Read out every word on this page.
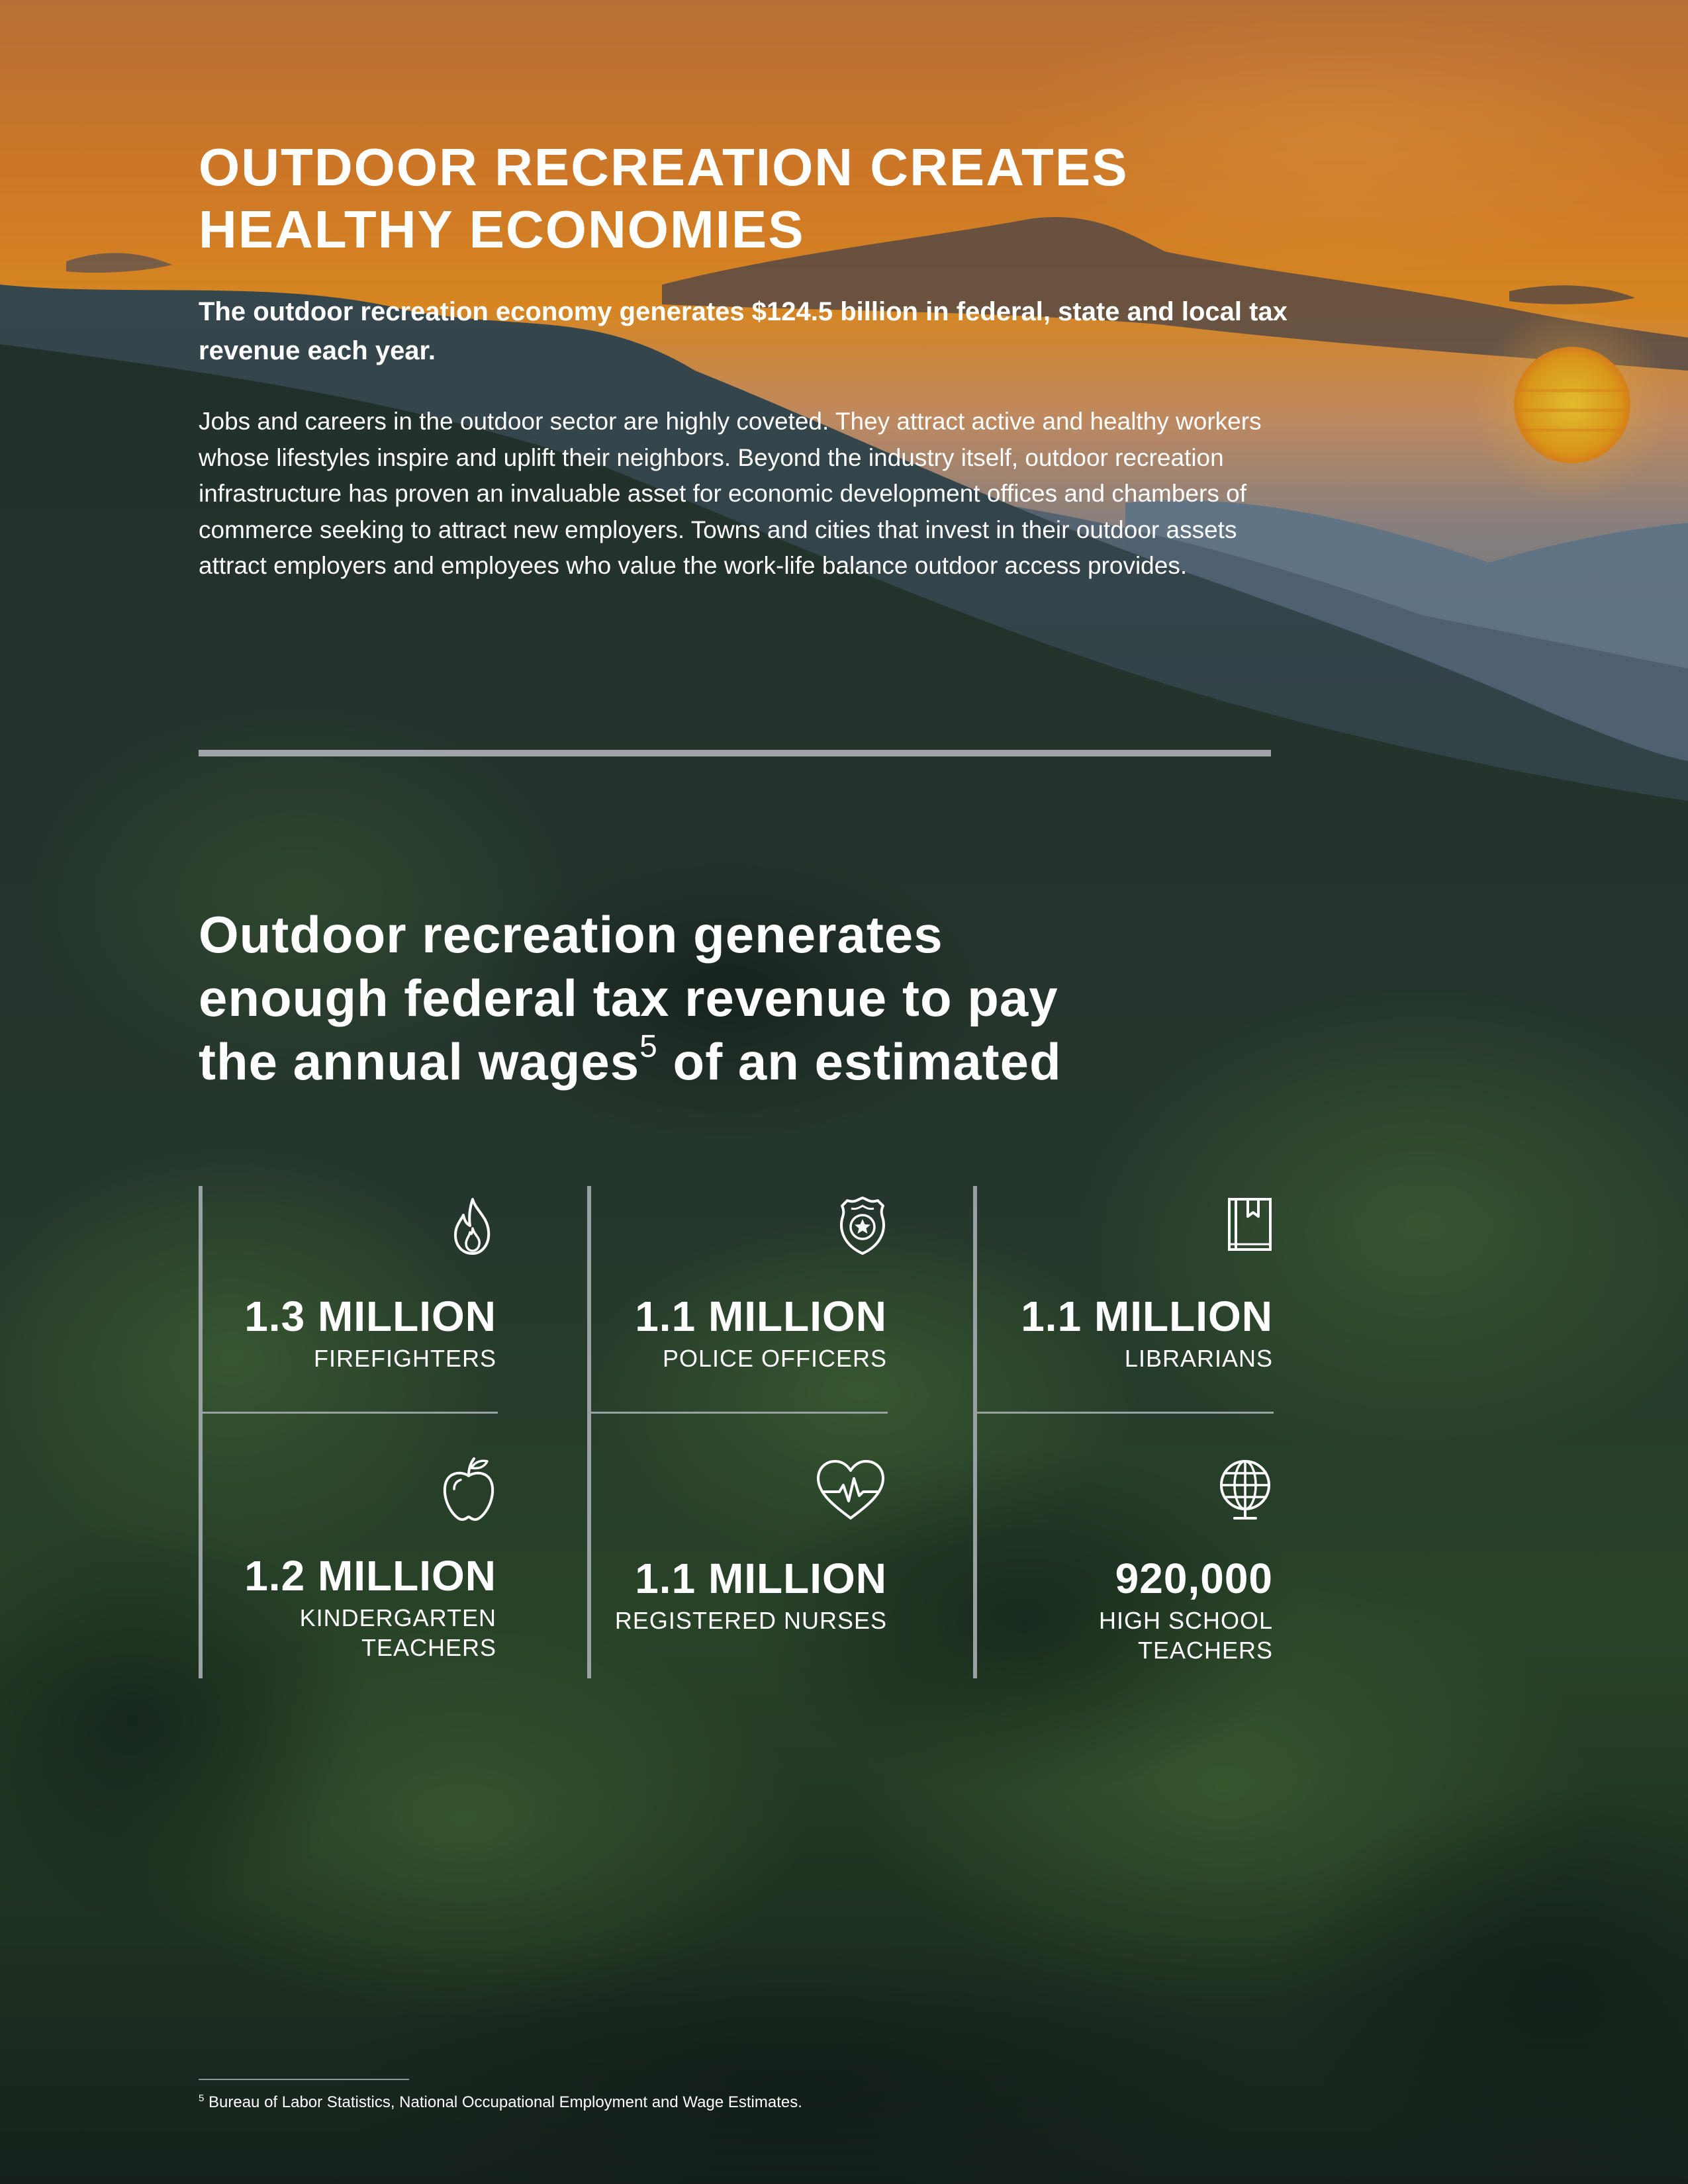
OUTDOOR RECREATION CREATES
HEALTHY ECONOMIES

The outdoor recreation economy generates $124.5 billion in federal, state and local tax revenue each year.

Jobs and careers in the outdoor sector are highly coveted. They attract active and healthy workers whose lifestyles inspire and uplift their neighbors. Beyond the industry itself, outdoor recreation infrastructure has proven an invaluable asset for economic development offices and chambers of commerce seeking to attract new employers. Towns and cities that invest in their outdoor assets attract employers and employees who value the work-life balance outdoor access provides.

Outdoor recreation generates
enough federal tax revenue to pay
the annual wages$^5$ of an estimated
1.3 MILLION
FIREFIGHTERS
1.1 MILLION
POLICE OFFICERS
1.1 MILLION
LIBRARIANS
1.2 MILLION
KINDERGARTEN TEACHERS
1.1 MILLION
REGISTERED NURSES
920,000
HIGH SCHOOL TEACHERS

$^5$ Bureau of Labor Statistics, National Occupational Employment and Wage Estimates.
